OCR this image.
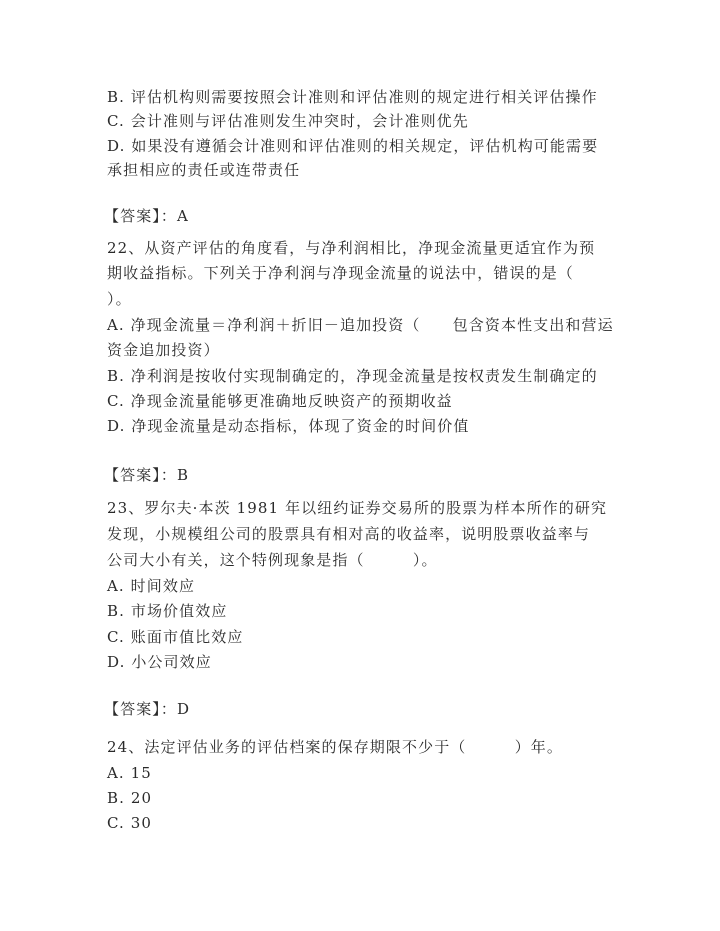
B. 评估机构则需要按照会计准则和评估准则的规定进行相关评估操作
C. 会计准则与评估准则发生冲突时，会计准则优先
D. 如果没有遵循会计准则和评估准则的相关规定，评估机构可能需要
承担相应的责任或连带责任
【答案】：A
22、从资产评估的角度看，与净利润相比，净现金流量更适宜作为预
期收益指标。下列关于净利润与净现金流量的说法中，错误的是（
）。
A. 净现金流量＝净利润＋折旧－追加投资（　　包含资本性支出和营运
资金追加投资）
B. 净利润是按收付实现制确定的，净现金流量是按权责发生制确定的
C. 净现金流量能够更准确地反映资产的预期收益
D. 净现金流量是动态指标，体现了资金的时间价值
【答案】：B
23、罗尔夫·本茨 1981 年以纽约证券交易所的股票为样本所作的研究
发现，小规模组公司的股票具有相对高的收益率，说明股票收益率与
公司大小有关，这个特例现象是指（　　　）。
A. 时间效应
B. 市场价值效应
C. 账面市值比效应
D. 小公司效应
【答案】：D
24、法定评估业务的评估档案的保存期限不少于（　　　）年。
A. 15
B. 20
C. 30
